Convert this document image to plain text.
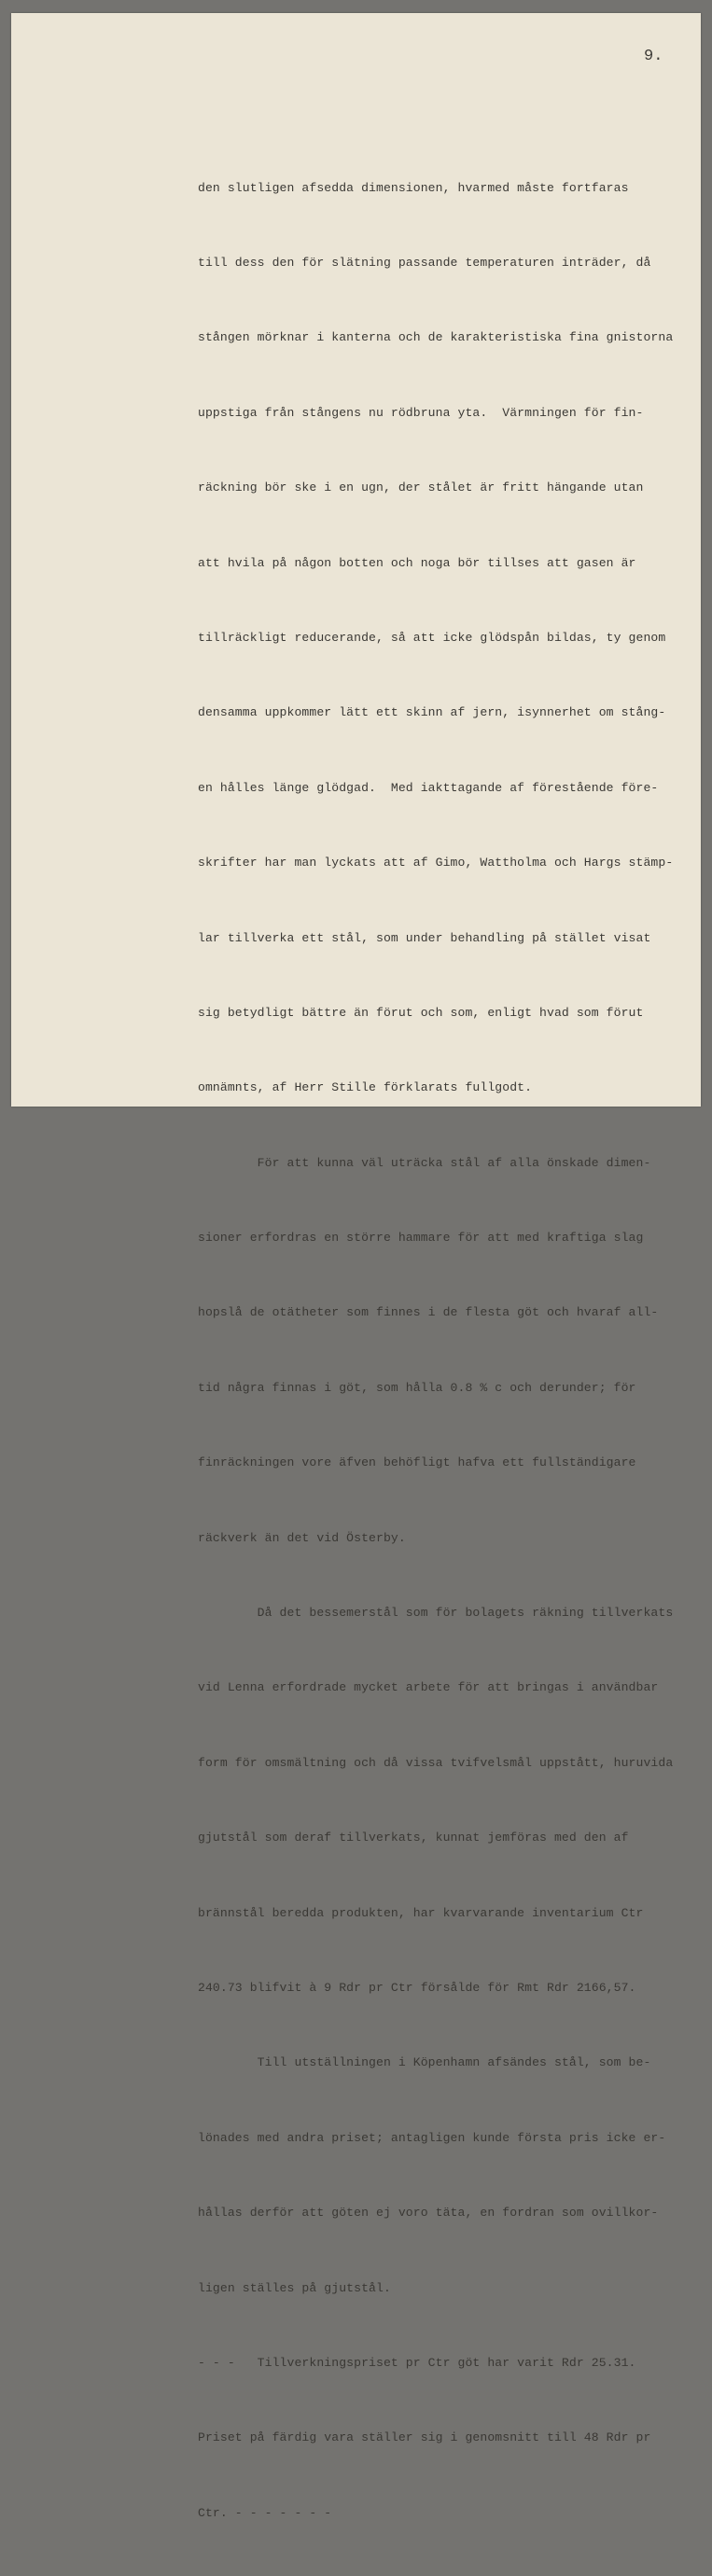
9.

den slutligen afsedda dimensionen, hvarmed måste fortfaras

till dess den för slätning passande temperaturen inträder, då

stången mörknar i kanterna och de karakteristiska fina gnistorna

uppstiga från stångens nu rödbruna yta.  Värmningen för fin-

räckning bör ske i en ugn, der stålet är fritt hängande utan

att hvila på någon botten och noga bör tillses att gasen är

tillräckligt reducerande, så att icke glödspån bildas, ty genom

densamma uppkommer lätt ett skinn af jern, isynnerhet om stång-

en hålles länge glödgad.  Med iakttagande af förestående före-

skrifter har man lyckats att af Gimo, Wattholma och Hargs stämp-

lar tillverka ett stål, som under behandling på stället visat

sig betydligt bättre än förut och som, enligt hvad som förut

omnämnts, af Herr Stille förklarats fullgodt.

För att kunna väl uträcka stål af alla önskade dimen-

sioner erfordras en större hammare för att med kraftiga slag

hopslå de otätheter som finnes i de flesta göt och hvaraf all-

tid några finnas i göt, som hålla 0.8 % c och derunder; för

finräckningen vore äfven behöfligt hafva ett fullständigare

räckverk än det vid Österby.

Då det bessemerstål som för bolagets räkning tillverkats

vid Lenna erfordrade mycket arbete för att bringas i användbar

form för omsmältning och då vissa tvifvelsmål uppstått, huruvida

gjutstål som deraf tillverkats, kunnat jemföras med den af

brännstål beredda produkten, har kvarvarande inventarium Ctr

240.73 blifvit à 9 Rdr pr Ctr försålde för Rmt Rdr 2166,57.

Till utställningen i Köpenhamn afsändes stål, som be-

lönades med andra priset; antagligen kunde första pris icke er-

hållas derför att göten ej voro täta, en fordran som ovillkor-

ligen ställes på gjutstål.

- - -   Tillverkningspriset pr Ctr göt har varit Rdr 25.31.

Priset på färdig vara ställer sig i genomsnitt till 48 Rdr pr

Ctr. - - - - - - -
